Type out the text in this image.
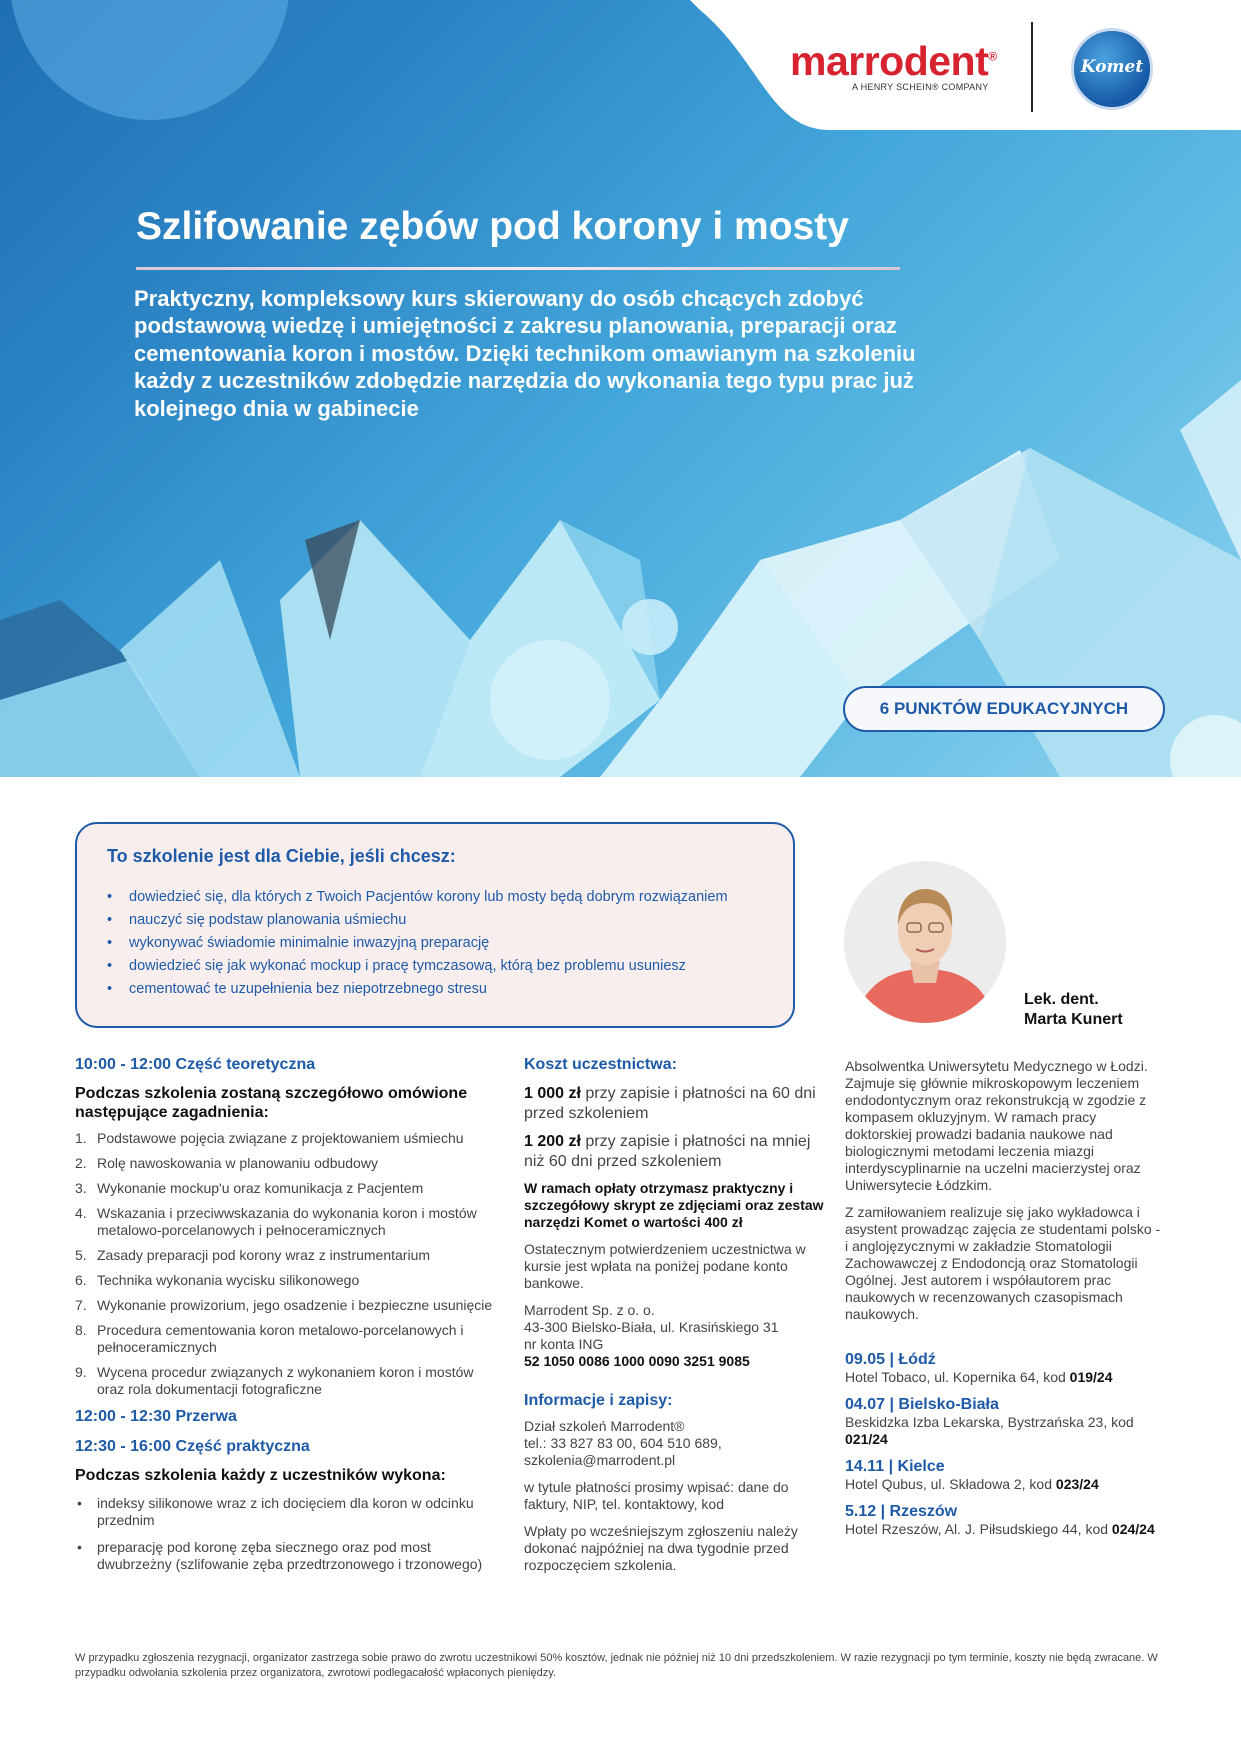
marrodent®
A HENRY SCHEIN® COMPANY
Komet
Szlifowanie zębów pod korony i mosty
Praktyczny, kompleksowy kurs skierowany do osób chcących zdobyć podstawową wiedzę i umiejętności z zakresu planowania, preparacji oraz cementowania koron i mostów. Dzięki technikom omawianym na szkoleniu każdy z uczestników zdobędzie narzędzia do wykonania tego typu prac już kolejnego dnia w gabinecie
6 PUNKTÓW EDUKACYJNYCH
To szkolenie jest dla Ciebie, jeśli chcesz:
• dowiedzieć się, dla których z Twoich Pacjentów korony lub mosty będą dobrym rozwiązaniem
• nauczyć się podstaw planowania uśmiechu
• wykonywać świadomie minimalnie inwazyjną preparację
• dowiedzieć się jak wykonać mockup i pracę tymczasową, którą bez problemu usuniesz
• cementować te uzupełnienia bez niepotrzebnego stresu
Lek. dent.
Marta Kunert
10:00 - 12:00 Część teoretyczna
Podczas szkolenia zostaną szczegółowo omówione następujące zagadnienia:
1. Podstawowe pojęcia związane z projektowaniem uśmiechu
2. Rolę nawoskowania w planowaniu odbudowy
3. Wykonanie mockup'u oraz komunikacja z Pacjentem
4. Wskazania i przeciwwskazania do wykonania koron i mostów metalowo-porcelanowych i pełnoceramicznych
5. Zasady preparacji pod korony wraz z instrumentarium
6. Technika wykonania wycisku silikonowego
7. Wykonanie prowizorium, jego osadzenie i bezpieczne usunięcie
8. Procedura cementowania koron metalowo-porcelanowych i pełnoceramicznych
9. Wycena procedur związanych z wykonaniem koron i mostów oraz rola dokumentacji fotograficzne
12:00 - 12:30 Przerwa
12:30 - 16:00 Część praktyczna
Podczas szkolenia każdy z uczestników wykona:
• indeksy silikonowe wraz z ich docięciem dla koron w odcinku przednim
• preparację pod koronę zęba siecznego oraz pod most dwubrzeżny (szlifowanie zęba przedtrzonowego i trzonowego)
Koszt uczestnictwa:
1 000 zł przy zapisie i płatności na 60 dni przed szkoleniem
1 200 zł przy zapisie i płatności na mniej niż 60 dni przed szkoleniem
W ramach opłaty otrzymasz praktyczny i szczegółowy skrypt ze zdjęciami oraz zestaw narzędzi Komet o wartości 400 zł
Ostatecznym potwierdzeniem uczestnictwa w kursie jest wpłata na poniżej podane konto bankowe.
Marrodent Sp. z o. o.
43-300 Bielsko-Biała, ul. Krasińskiego 31
nr konta ING
52 1050 0086 1000 0090 3251 9085
Informacje i zapisy:
Dział szkoleń Marrodent®
tel.: 33 827 83 00, 604 510 689,
szkolenia@marrodent.pl
w tytule płatności prosimy wpisać: dane do faktury, NIP, tel. kontaktowy, kod
Wpłaty po wcześniejszym zgłoszeniu należy dokonać najpóźniej na dwa tygodnie przed rozpoczęciem szkolenia.
Absolwentka Uniwersytetu Medycznego w Łodzi. Zajmuje się głównie mikroskopowym leczeniem endodontycznym oraz rekonstrukcją w zgodzie z kompasem okluzyjnym. W ramach pracy doktorskiej prowadzi badania naukowe nad biologicznymi metodami leczenia miazgi interdyscyplinarnie na uczelni macierzystej oraz Uniwersytecie Łódzkim.
Z zamiłowaniem realizuje się jako wykładowca i asystent prowadząc zajęcia ze studentami polsko - i anglojęzycznymi w zakładzie Stomatologii Zachowawczej z Endodoncją oraz Stomatologii Ogólnej. Jest autorem i współautorem prac naukowych w recenzowanych czasopismach naukowych.
09.05 | Łódź
Hotel Tobaco, ul. Kopernika 64, kod 019/24
04.07 | Bielsko-Biała
Beskidzka Izba Lekarska, Bystrzańska 23, kod 021/24
14.11 | Kielce
Hotel Qubus, ul. Składowa 2, kod 023/24
5.12 | Rzeszów
Hotel Rzeszów, Al. J. Piłsudskiego 44, kod 024/24
W przypadku zgłoszenia rezygnacji, organizator zastrzega sobie prawo do zwrotu uczestnikowi 50% kosztów, jednak nie później niż 10 dni przedszkoleniem. W razie rezygnacji po tym terminie, koszty nie będą zwracane. W przypadku odwołania szkolenia przez organizatora, zwrotowi podlegacałość wpłaconych pieniędzy.
